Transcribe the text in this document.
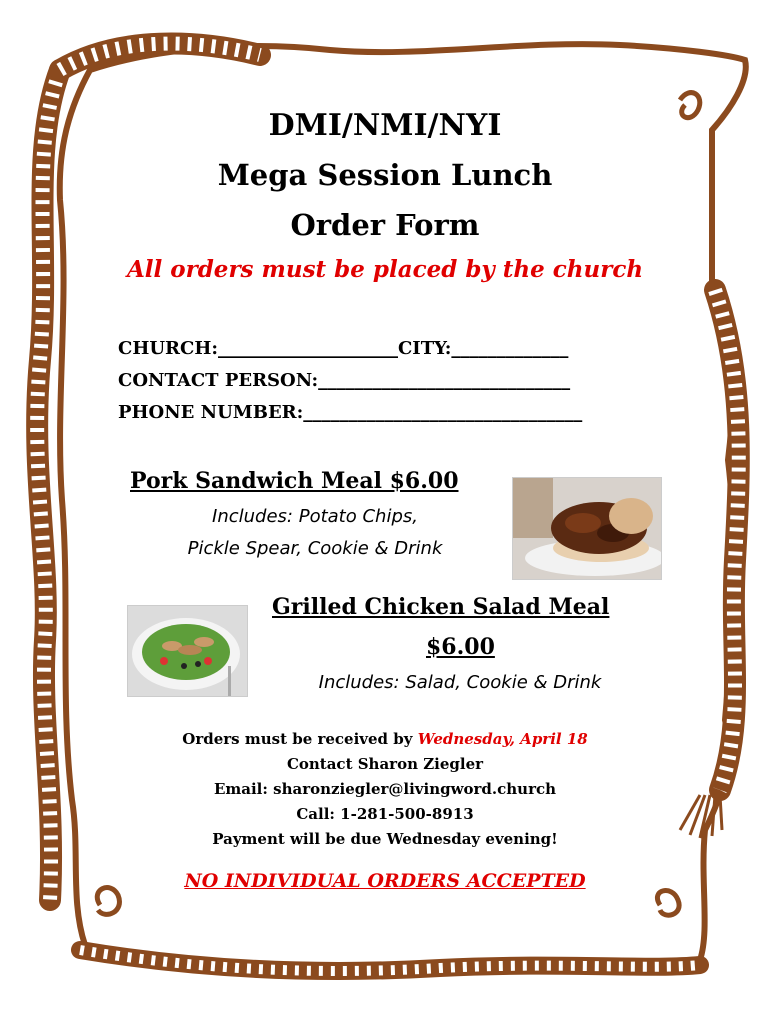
DMI/NMI/NYI
Mega Session Lunch
Order Form
All orders must be placed by the church
CHURCH:____________________CITY:_____________
CONTACT PERSON:____________________________
PHONE NUMBER:_______________________________
Pork Sandwich Meal $6.00
Includes: Potato Chips,
Pickle Spear, Cookie & Drink
Grilled Chicken Salad Meal
$6.00
Includes: Salad, Cookie & Drink
Orders must be received by Wednesday, April 18
Contact Sharon Ziegler
Email: sharonziegler@livingword.church
Call: 1-281-500-8913
Payment will be due Wednesday evening!
NO INDIVIDUAL ORDERS ACCEPTED
